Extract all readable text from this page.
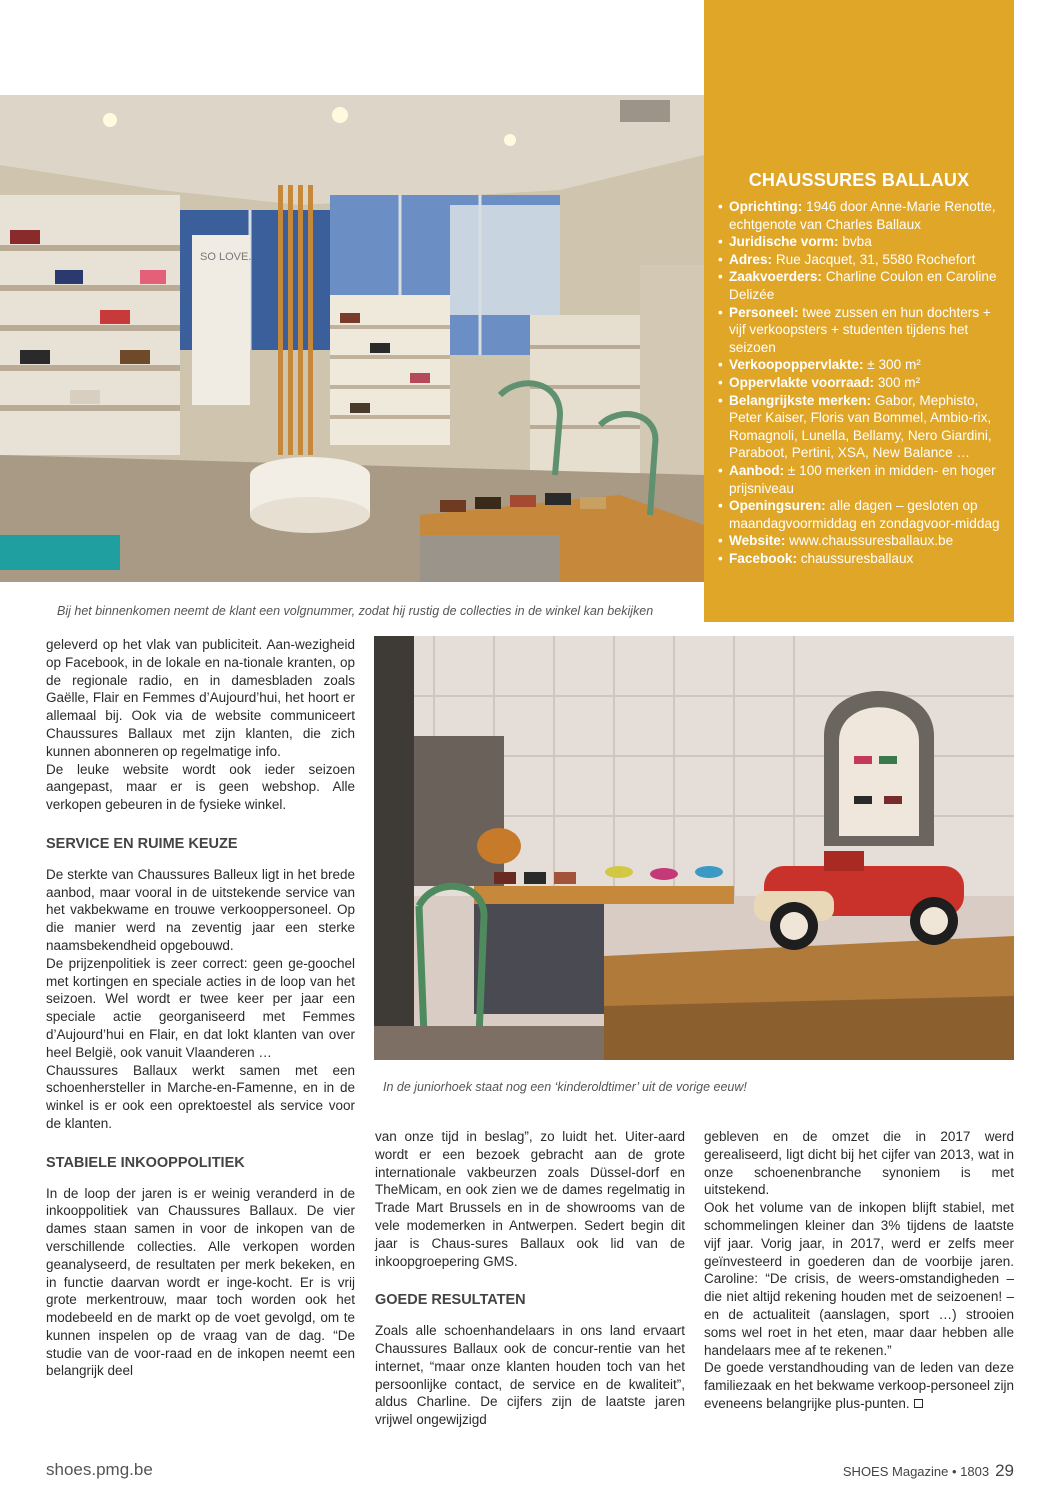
SO LOVE.
Bij het binnenkomen neemt de klant een volgnummer, zodat hij rustig de collecties in de winkel kan bekijken
CHAUSSURES BALLAUX
• Oprichting: 1946 door Anne-Marie Renotte, echtgenote van Charles Ballaux
• Juridische vorm: bvba
• Adres: Rue Jacquet, 31, 5580 Rochefort
• Zaakvoerders: Charline Coulon en Caroline Delizée
• Personeel: twee zussen en hun dochters + vijf verkoopsters + studenten tijdens het seizoen
• Verkoopoppervlakte: ± 300 m²
• Oppervlakte voorraad: 300 m²
• Belangrijkste merken: Gabor, Mephisto, Peter Kaiser, Floris van Bommel, Ambio-rix, Romagnoli, Lunella, Bellamy, Nero Giardini, Paraboot, Pertini, XSA, New Balance …
• Aanbod: ± 100 merken in midden- en hoger prijsniveau
• Openingsuren: alle dagen – gesloten op maandagvoormiddag en zondagvoor-middag
• Website: www.chaussuresballaux.be
• Facebook: chaussuresballaux
In de juniorhoek staat nog een ‘kinderoldtimer’ uit de vorige eeuw!

geleverd op het vlak van publiciteit. Aan-wezigheid op Facebook, in de lokale en na-tionale kranten, op de regionale radio, en in damesbladen zoals Gaëlle, Flair en Femmes d’Aujourd’hui, het hoort er allemaal bij. Ook via de website communiceert Chaussures Ballaux met zijn klanten, die zich kunnen abonneren op regelmatige info.

De leuke website wordt ook ieder seizoen aangepast, maar er is geen webshop. Alle verkopen gebeuren in de fysieke winkel.

SERVICE EN RUIME KEUZE

De sterkte van Chaussures Balleux ligt in het brede aanbod, maar vooral in de uitstekende service van het vakbekwame en trouwe verkooppersoneel. Op die manier werd na zeventig jaar een sterke naamsbekendheid opgebouwd.

De prijzenpolitiek is zeer correct: geen ge-goochel met kortingen en speciale acties in de loop van het seizoen. Wel wordt er twee keer per jaar een speciale actie georganiseerd met Femmes d’Aujourd’hui en Flair, en dat lokt klanten van over heel België, ook vanuit Vlaanderen …

Chaussures Ballaux werkt samen met een schoenhersteller in Marche-en-Famenne, en in de winkel is er ook een oprektoestel als service voor de klanten.

STABIELE INKOOPPOLITIEK

In de loop der jaren is er weinig veranderd in de inkooppolitiek van Chaussures Ballaux. De vier dames staan samen in voor de inkopen van de verschillende collecties. Alle verkopen worden geanalyseerd, de resultaten per merk bekeken, en in functie daarvan wordt er inge-kocht. Er is vrij grote merkentrouw, maar toch worden ook het modebeeld en de markt op de voet gevolgd, om te kunnen inspelen op de vraag van de dag. “De studie van de voor-raad en de inkopen neemt een belangrijk deel

van onze tijd in beslag”, zo luidt het. Uiter-aard wordt er een bezoek gebracht aan de grote internationale vakbeurzen zoals Düssel-dorf en TheMicam, en ook zien we de dames regelmatig in Trade Mart Brussels en in de showrooms van de vele modemerken in Antwerpen. Sedert begin dit jaar is Chaus-sures Ballaux ook lid van de inkoopgroepering GMS.

GOEDE RESULTATEN

Zoals alle schoenhandelaars in ons land ervaart Chaussures Ballaux ook de concur-rentie van het internet, “maar onze klanten houden toch van het persoonlijke contact, de service en de kwaliteit”, aldus Charline. De cijfers zijn de laatste jaren vrijwel ongewijzigd

gebleven en de omzet die in 2017 werd gerealiseerd, ligt dicht bij het cijfer van 2013, wat in onze schoenenbranche synoniem is met uitstekend.

Ook het volume van de inkopen blijft stabiel, met schommelingen kleiner dan 3% tijdens de laatste vijf jaar. Vorig jaar, in 2017, werd er zelfs meer geïnvesteerd in goederen dan de voorbije jaren. Caroline: “De crisis, de weers-omstandigheden – die niet altijd rekening houden met de seizoenen! – en de actualiteit (aanslagen, sport …) strooien soms wel roet in het eten, maar daar hebben alle handelaars mee af te rekenen.”

De goede verstandhouding van de leden van deze familiezaak en het bekwame verkoop-personeel zijn eveneens belangrijke plus-punten.

shoes.pmg.be	SHOES Magazine • 1803 29
